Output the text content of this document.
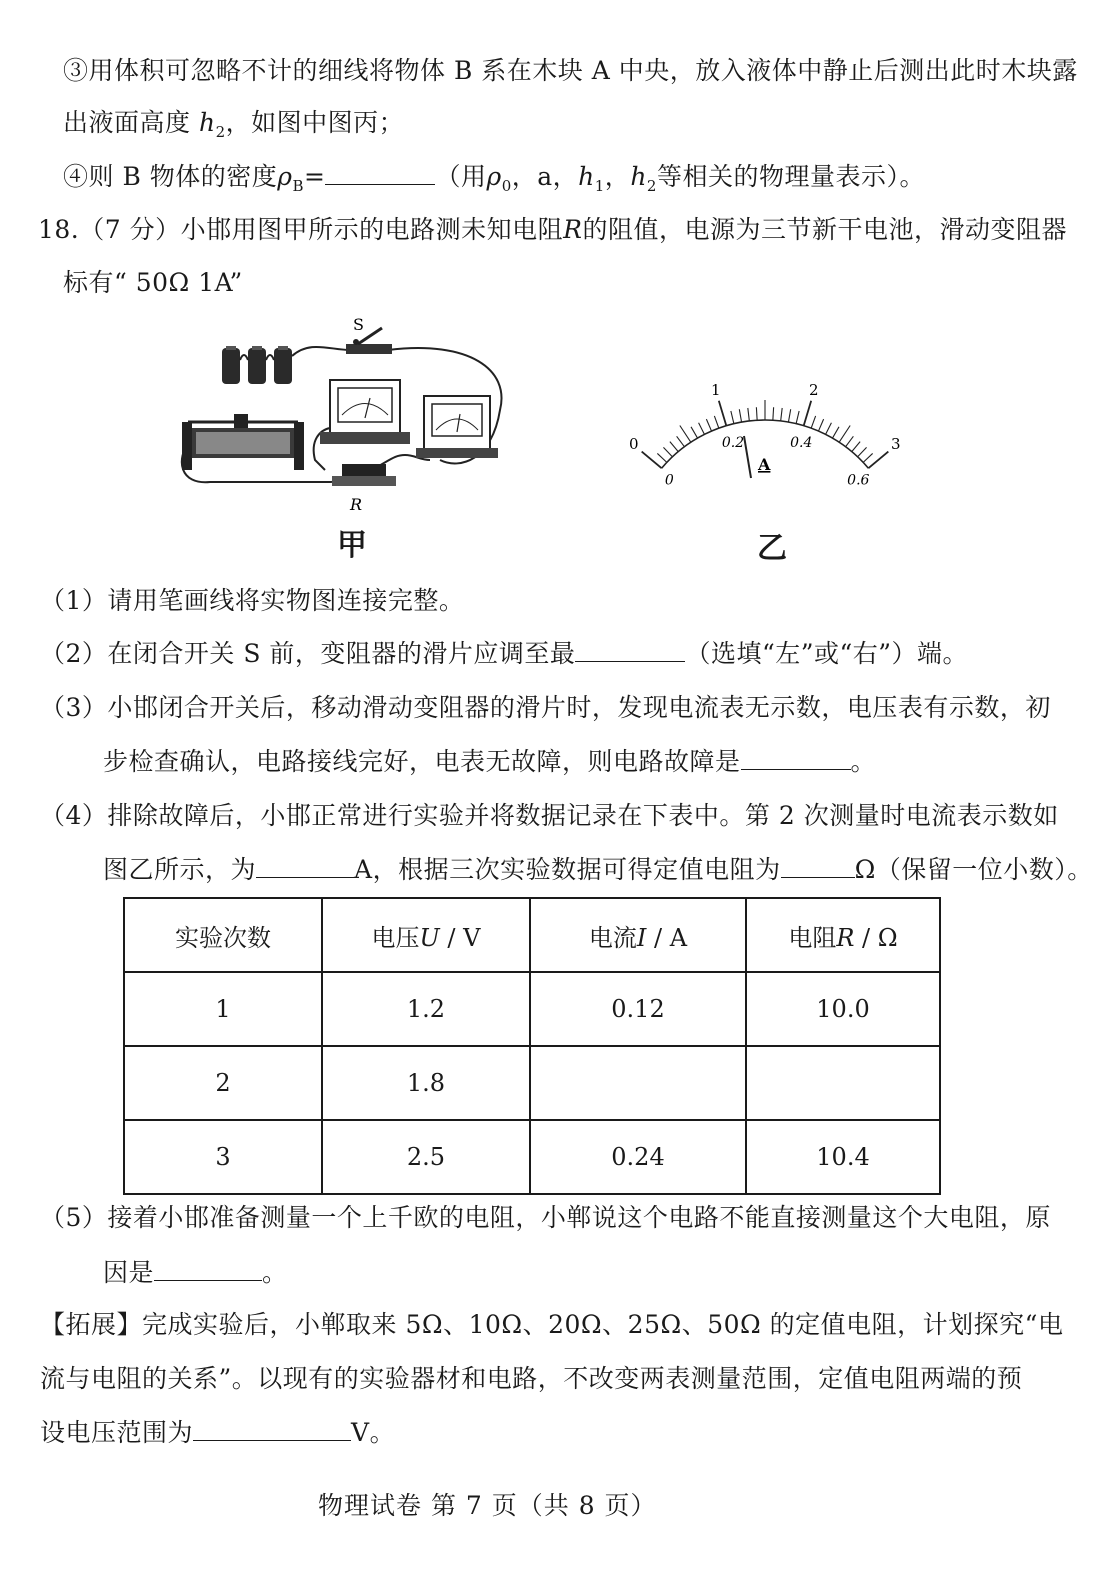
③用体积可忽略不计的细线将物体 B 系在木块 A 中央，放入液体中静止后测出此时木块露
出液面高度 $h_2$，如图中图丙；
④则 B 物体的密度$\rho_B=$	（用$\rho_0$，a，$h_1$，$h_2$等相关的物理量表示）。
18.（7 分）小邯用图甲所示的电路测未知电阻R的阻值，电源为三节新干电池，滑动变阻器
标有“ 50Ω 1A”
S
R
甲
0
1	2
3
0
0.2	0.4
0.6
A
乙
（1）请用笔画线将实物图连接完整。
（2）在闭合开关 S 前，变阻器的滑片应调至最	（选填“左”或“右”）端。
（3）小邯闭合开关后，移动滑动变阻器的滑片时，发现电流表无示数，电压表有示数，初
步检查确认，电路接线完好，电表无故障，则电路故障是	。
（4）排除故障后，小邯正常进行实验并将数据记录在下表中。第 2 次测量时电流表示数如
图乙所示，为	A，根据三次实验数据可得定值电阻为	Ω（保留一位小数）。
实验次数	电压U / V	电流I / A	电阻R / Ω
1	1.2	0.12	10.0
2	1.8		
3	2.5	0.24	10.4
（5）接着小邯准备测量一个上千欧的电阻，小郸说这个电路不能直接测量这个大电阻，原
因是	。
【拓展】完成实验后，小郸取来 5Ω、10Ω、20Ω、25Ω、50Ω 的定值电阻，计划探究“电
流与电阻的关系”。以现有的实验器材和电路，不改变两表测量范围，定值电阻两端的预
设电压范围为	V。
物理试卷 第 7 页（共 8 页）
